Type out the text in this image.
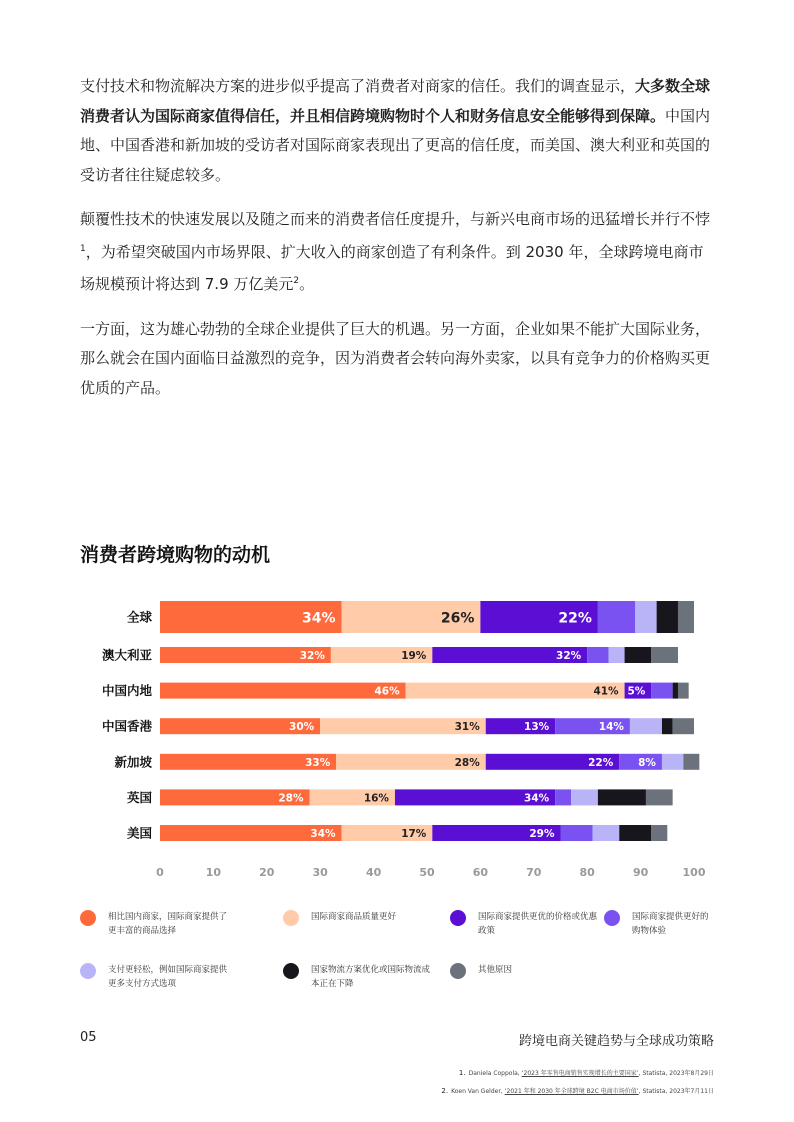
支付技术和物流解决方案的进步似乎提高了消费者对商家的信任。我们的调查显示，大多数全球消费者认为国际商家值得信任，并且相信跨境购物时个人和财务信息安全能够得到保障。中国内地、中国香港和新加坡的受访者对国际商家表现出了更高的信任度，而美国、澳大利亚和英国的受访者往往疑虑较多。

颠覆性技术的快速发展以及随之而来的消费者信任度提升，与新兴电商市场的迅猛增长并行不悖$^1$，为希望突破国内市场界限、扩大收入的商家创造了有利条件。到 2030 年，全球跨境电商市场规模预计将达到 7.9 万亿美元$^2$。

一方面，这为雄心勃勃的全球企业提供了巨大的机遇。另一方面，企业如果不能扩大国际业务，那么就会在国内面临日益激烈的竞争，因为消费者会转向海外卖家，以具有竞争力的价格购买更优质的产品。

消费者跨境购物的动机
全球	34%	26%	22%
澳大利亚	32%	19%	32%
中国内地	46%	41% 5%
中国香港	30%	31%	13%	14%
新加坡	33%	28%	22% 8%
英国	28%	16%	34%
美国	34%	17%	29%
0	10	20	30	40	50	60	70	80	90	100
相比国内商家，国际商家提供了更丰富的商品选择
国际商家商品质量更好	国际商家提供更优的价格或优惠政策
国际商家提供更好的购物体验
支付更轻松，例如国际商家提供更多支付方式选项
国家物流方案优化或国际物流成本正在下降
其他原因
05	跨境电商关键趋势与全球成功策略
1. Daniela Coppola, ‘2023 年零售电商销售实现增长的主要国家’, Statista, 2023年8月29日
2. Koen Van Gelder, ‘2021 年和 2030 年全球跨境 B2C 电商市场价值’, Statista, 2023年7月11日
